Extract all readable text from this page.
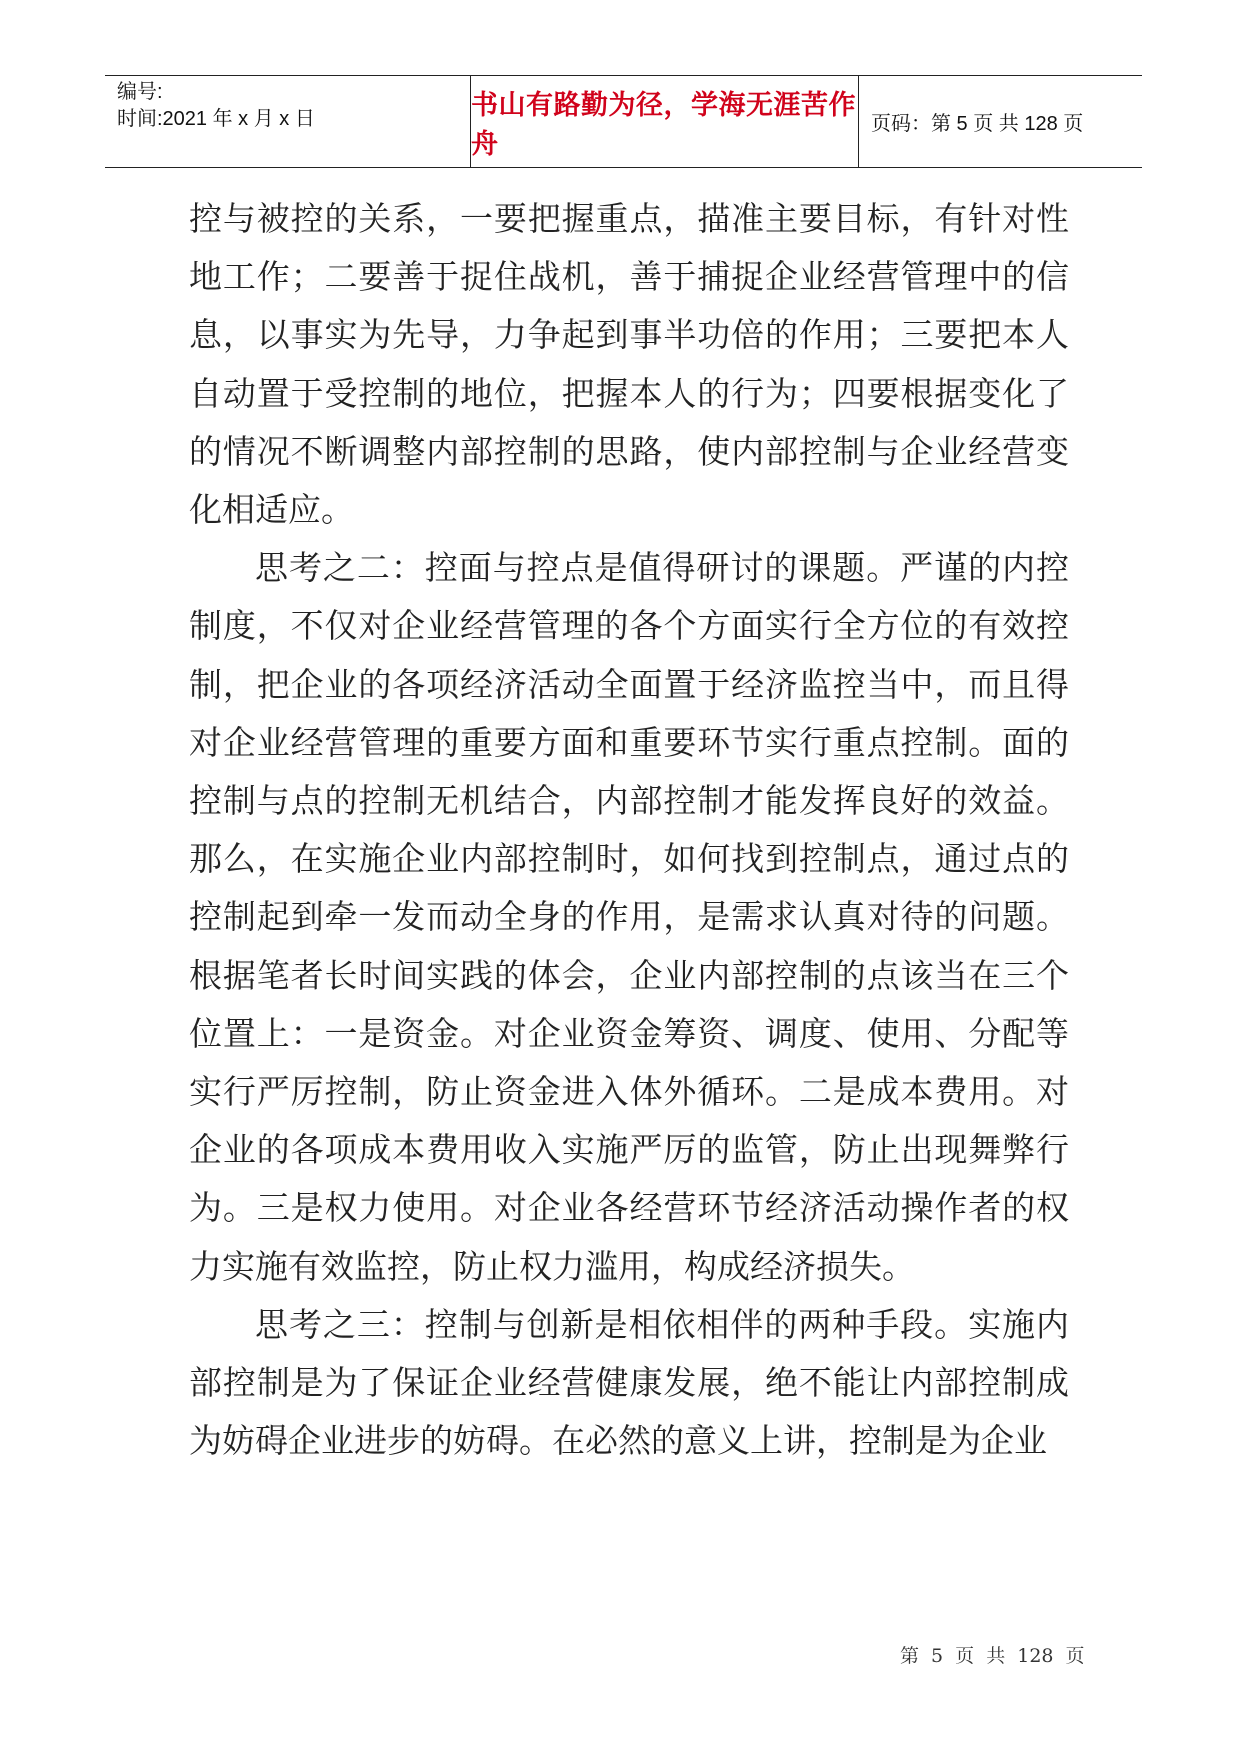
编号:
时间:2021 年 x 月 x 日	书山有路勤为径，学海无涯苦作舟
页码：第 5 页 共 128 页

控与被控的关系，一要把握重点，描准主要目标，有针对性地工作；二要善于捉住战机，善于捕捉企业经营管理中的信息，以事实为先导，力争起到事半功倍的作用；三要把本人自动置于受控制的地位，把握本人的行为；四要根据变化了的情况不断调整内部控制的思路，使内部控制与企业经营变化相适应。

思考之二：控面与控点是值得研讨的课题。严谨的内控制度，不仅对企业经营管理的各个方面实行全方位的有效控制，把企业的各项经济活动全面置于经济监控当中，而且得对企业经营管理的重要方面和重要环节实行重点控制。面的控制与点的控制无机结合，内部控制才能发挥良好的效益。那么，在实施企业内部控制时，如何找到控制点，通过点的控制起到牵一发而动全身的作用，是需求认真对待的问题。根据笔者长时间实践的体会，企业内部控制的点该当在三个位置上：一是资金。对企业资金筹资、调度、使用、分配等实行严厉控制，防止资金进入体外循环。二是成本费用。对企业的各项成本费用收入实施严厉的监管，防止出现舞弊行为。三是权力使用。对企业各经营环节经济活动操作者的权力实施有效监控，防止权力滥用，构成经济损失。

思考之三：控制与创新是相依相伴的两种手段。实施内部控制是为了保证企业经营健康发展，绝不能让内部控制成为妨碍企业进步的妨碍。在必然的意义上讲，控制是为企业

第 5 页 共 128 页
